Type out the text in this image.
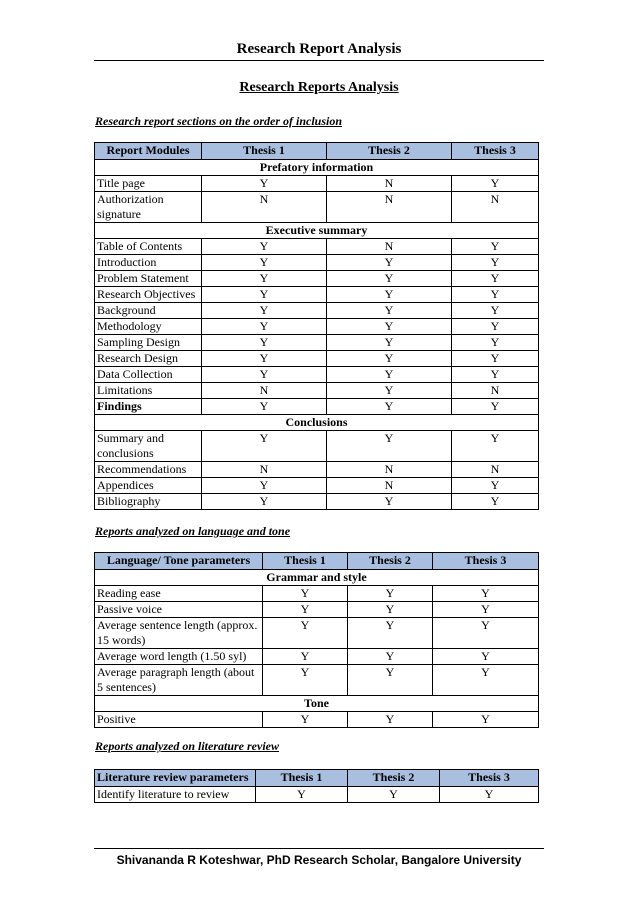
Research Report Analysis
Research Reports Analysis
Research report sections on the order of inclusion
Report Modules	Thesis 1	Thesis 2	Thesis 3
Prefatory information			
Title page	Y	N	Y
Authorization signature	N	N	N
Executive summary			
Table of Contents	Y	N	Y
Introduction	Y	Y	Y
Problem Statement	Y	Y	Y
Research Objectives	Y	Y	Y
Background	Y	Y	Y
Methodology	Y	Y	Y
Sampling Design	Y	Y	Y
Research Design	Y	Y	Y
Data Collection	Y	Y	Y
Limitations	N	Y	N
Findings	Y	Y	Y
Conclusions			
Summary and conclusions	Y	Y	Y
Recommendations	N	N	N
Appendices	Y	N	Y
Bibliography	Y	Y	Y
Reports analyzed on language and tone
Language/ Tone parameters	Thesis 1	Thesis 2	Thesis 3
Grammar and style			
Reading ease	Y	Y	Y
Passive voice	Y	Y	Y
Average sentence length (approx. 15 words)	Y	Y	Y
Average word length (1.50 syl)	Y	Y	Y
Average paragraph length (about 5 sentences)	Y	Y	Y
Tone			
Positive	Y	Y	Y
Reports analyzed on literature review
Literature review parameters	Thesis 1	Thesis 2	Thesis 3
Identify literature to review	Y	Y	Y
Shivananda R Koteshwar, PhD Research Scholar, Bangalore University
